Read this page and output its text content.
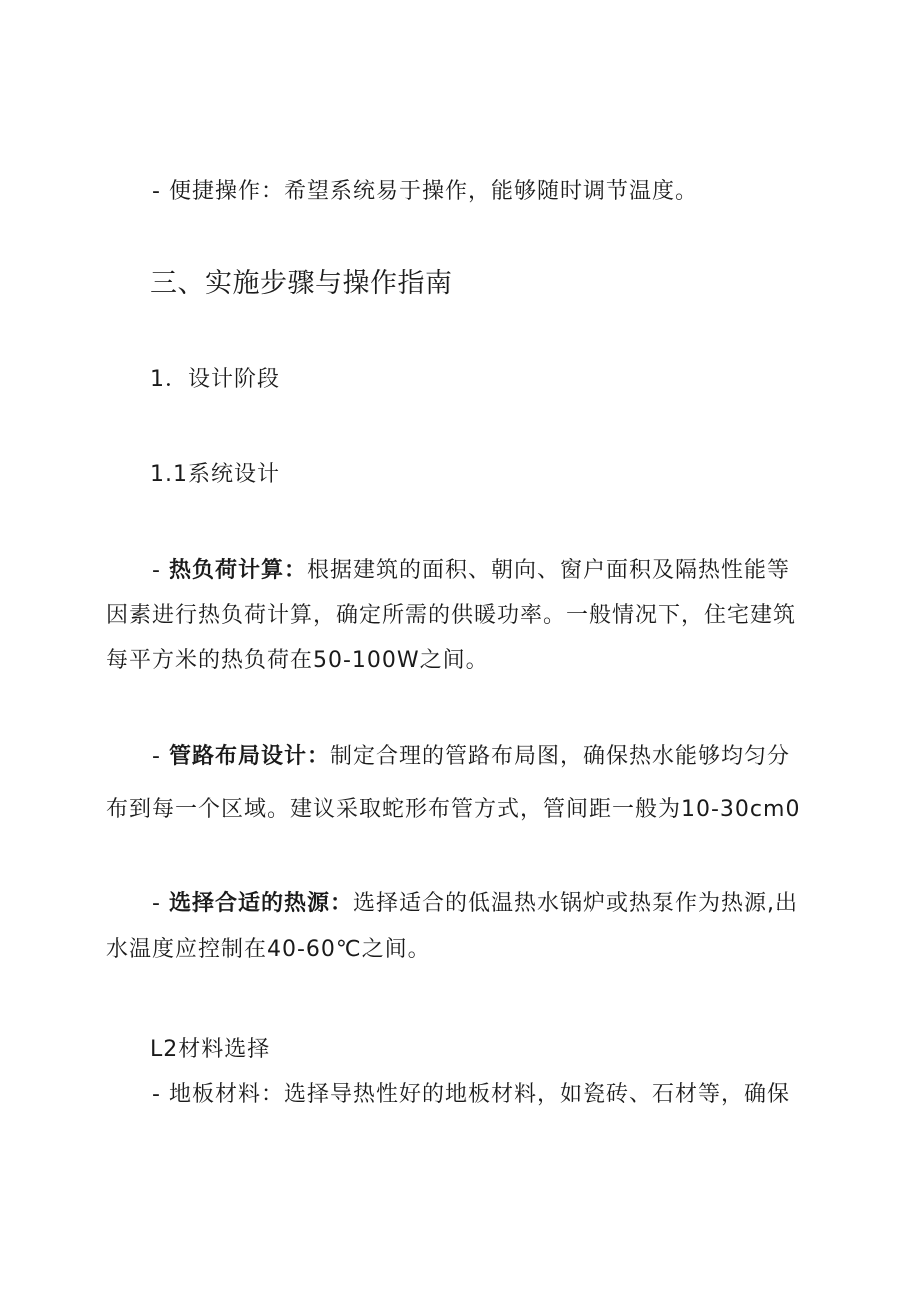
- 便捷操作：希望系统易于操作，能够随时调节温度。
三、实施步骤与操作指南
1．设计阶段
1.1系统设计
- 热负荷计算：根据建筑的面积、朝向、窗户面积及隔热性能等
因素进行热负荷计算，确定所需的供暖功率。一般情况下，住宅建筑
每平方米的热负荷在50-100W之间。
- 管路布局设计：制定合理的管路布局图，确保热水能够均匀分
布到每一个区域。建议采取蛇形布管方式，管间距一般为10-30cm0
- 选择合适的热源：选择适合的低温热水锅炉或热泵作为热源,出
水温度应控制在40-60℃之间。
L2材料选择
- 地板材料：选择导热性好的地板材料，如瓷砖、石材等，确保
